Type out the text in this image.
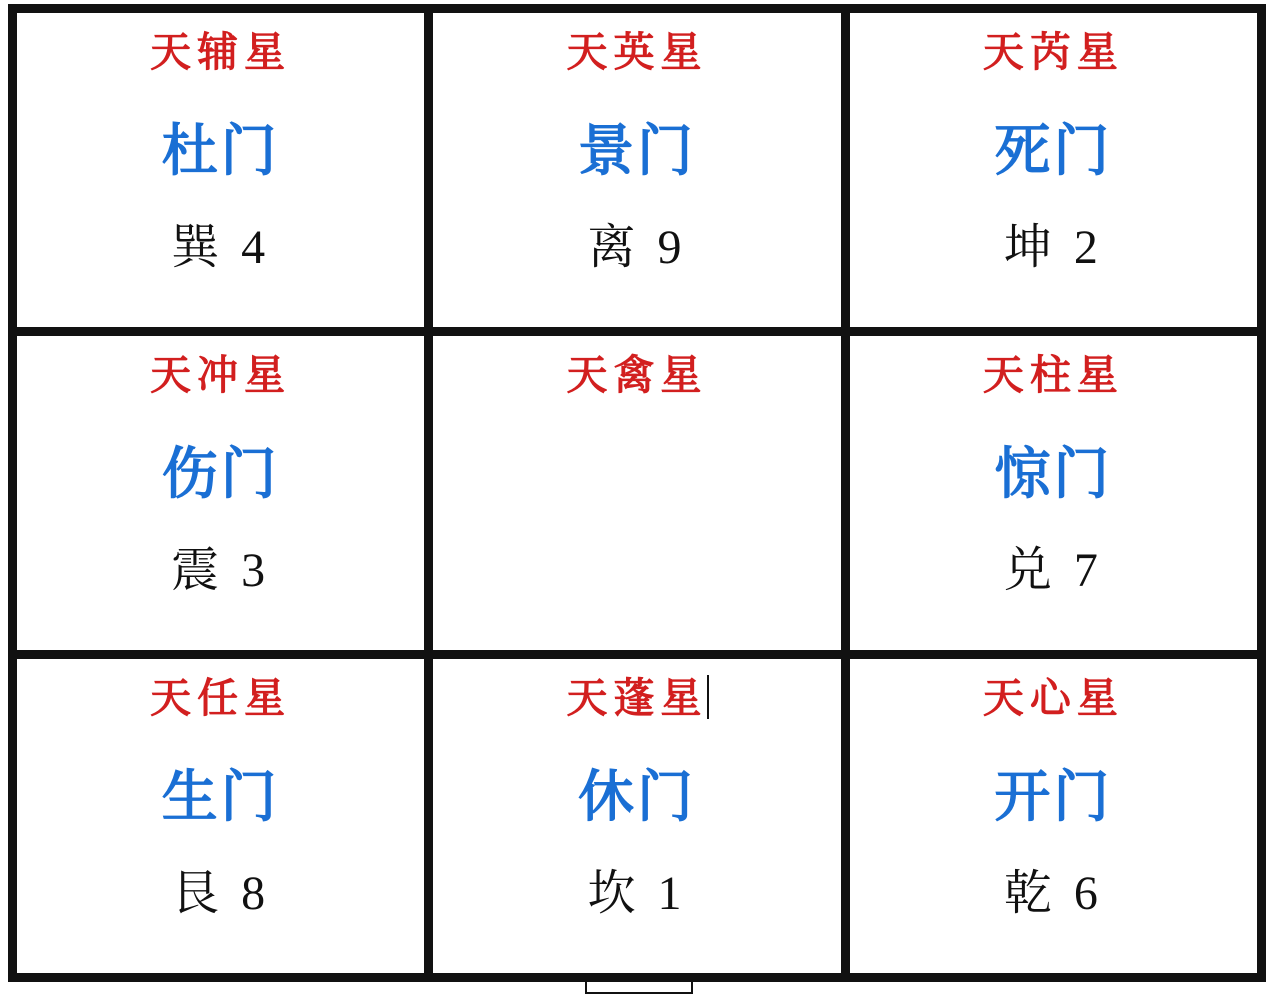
天辅星
杜门
巽 4
天英星
景门
离 9
天芮星
死门
坤 2
天冲星
伤门
震 3
天禽星	天柱星
惊门
兑 7
天任星
生门
艮 8
天蓬星
休门
坎 1
天心星
开门
乾 6
